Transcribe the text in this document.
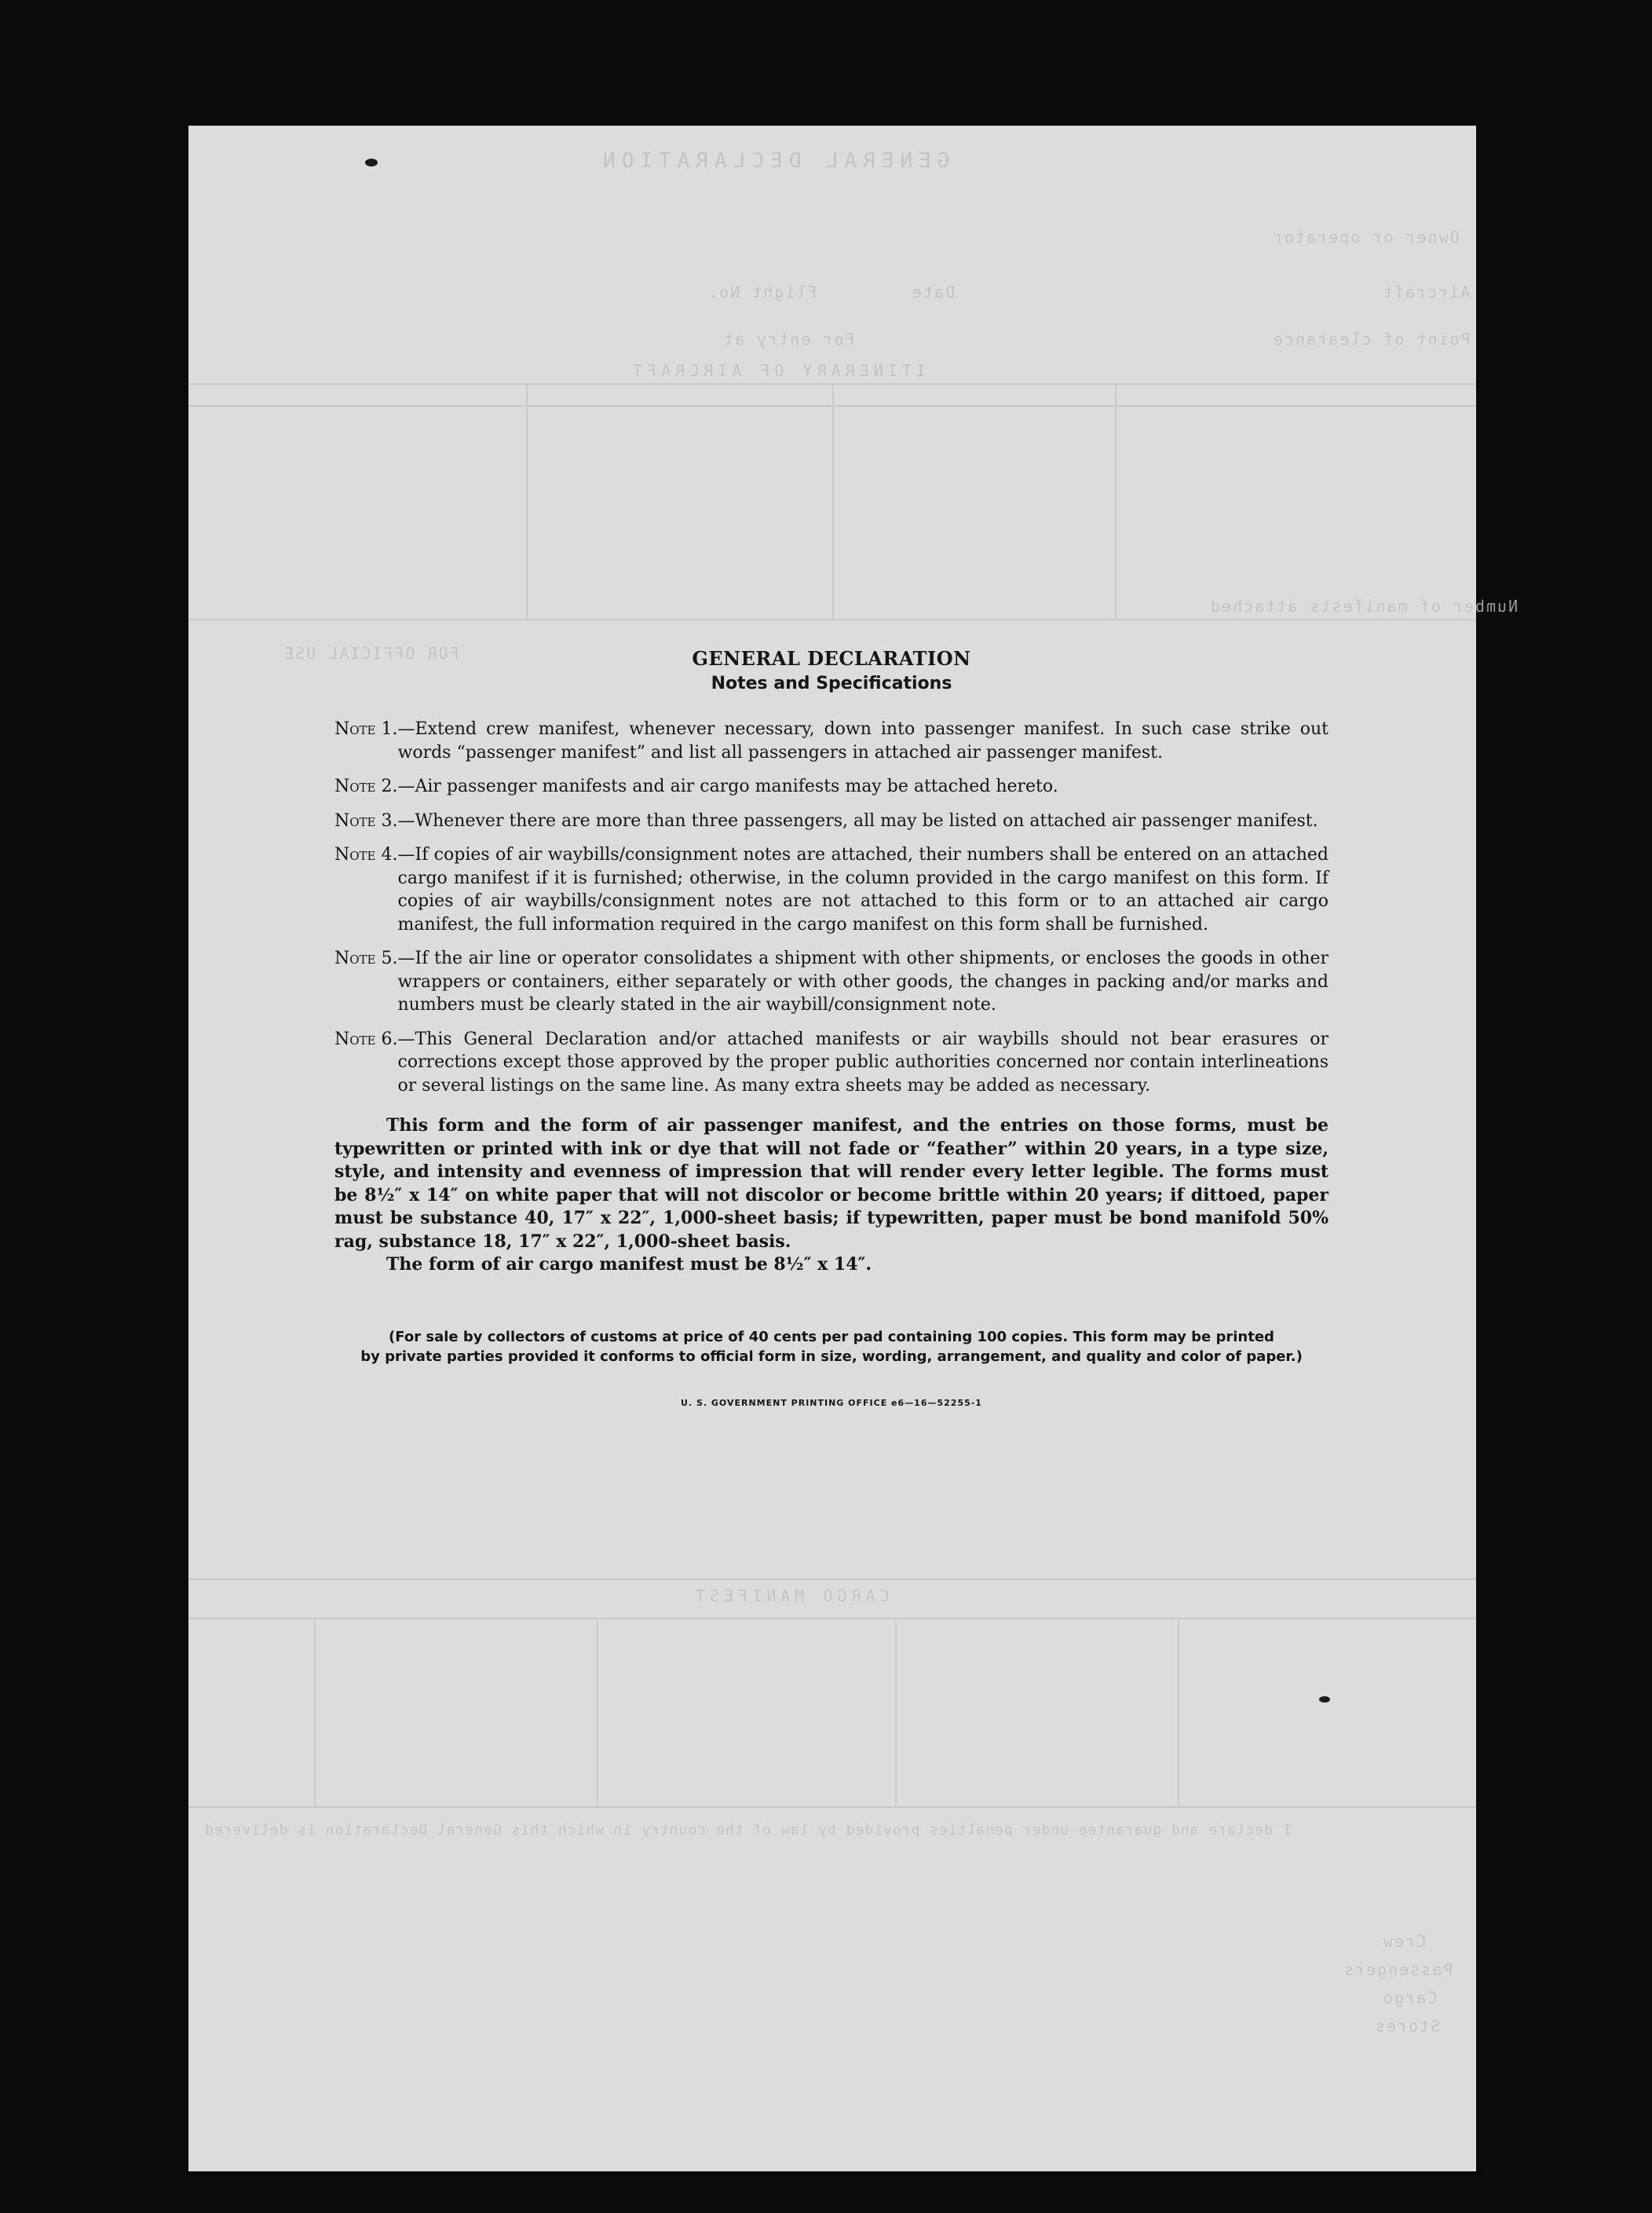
GENERAL DECLARATION
Owner or operator
Date
Flight No.	Aircraft
For entry at	Point of clearance
ITINERARY OF AIRCRAFT
Number of manifests attached
FOR OFFICIAL USE
CARGO MANIFEST
I declare and guarantee under penalties provided by law of the country in which this General Declaration is delivered
Crew
Passengers
Cargo
Stores
GENERAL DECLARATION
Notes and Specifications
Note 1. —Extend crew manifest, whenever necessary, down into passenger manifest. In such case strike out words “passenger manifest” and list all passengers in attached air passenger manifest.
Note 2. —Air passenger manifests and air cargo manifests may be attached hereto.
Note 3. —Whenever there are more than three passengers, all may be listed on attached air passenger manifest.
Note 4. —If copies of air waybills/consignment notes are attached, their numbers shall be entered on an attached cargo manifest if it is furnished; otherwise, in the column provided in the cargo manifest on this form. If copies of air waybills/consignment notes are not attached to this form or to an attached air cargo manifest, the full information required in the cargo manifest on this form shall be furnished.
Note 5. —If the air line or operator consolidates a shipment with other shipments, or encloses the goods in other wrappers or containers, either separately or with other goods, the changes in packing and/or marks and numbers must be clearly stated in the air waybill/consignment note.
Note 6. —This General Declaration and/or attached manifests or air waybills should not bear erasures or corrections except those approved by the proper public authorities concerned nor contain interlineations or several listings on the same line. As many extra sheets may be added as necessary.

This form and the form of air passenger manifest, and the entries on those forms, must be typewritten or printed with ink or dye that will not fade or “feather” within 20 years, in a type size, style, and intensity and evenness of impression that will render every letter legible. The forms must be 8½″ x 14″ on white paper that will not discolor or become brittle within 20 years; if dittoed, paper must be substance 40, 17″ x 22″, 1,000-sheet basis; if typewritten, paper must be bond manifold 50% rag, substance 18, 17″ x 22″, 1,000-sheet basis.

The form of air cargo manifest must be 8½″ x 14″.

(For sale by collectors of customs at price of 40 cents per pad containing 100 copies. This form may be printed
by private parties provided it conforms to official form in size, wording, arrangement, and quality and color of paper.)
U. S. GOVERNMENT PRINTING OFFICE e6—16—52255-1
